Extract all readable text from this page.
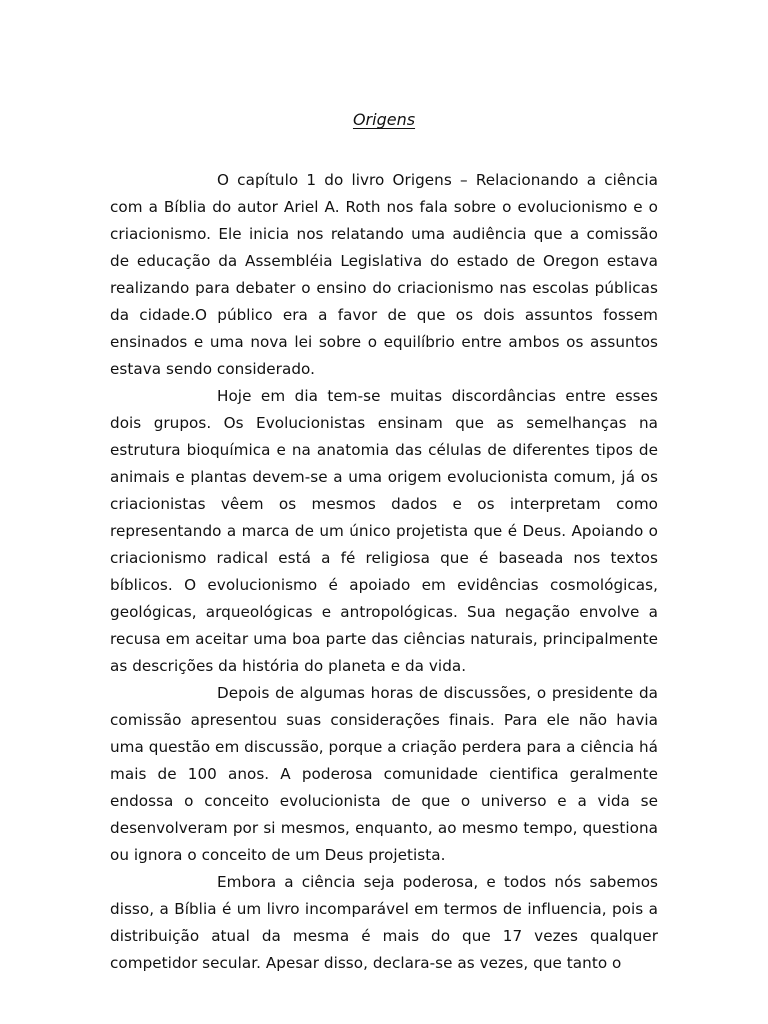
Origens

O capítulo 1 do livro Origens – Relacionando a ciência com a Bíblia do autor Ariel A. Roth nos fala sobre o evolucionismo e o criacionismo. Ele inicia nos relatando uma audiência que a comissão de educação da Assembléia Legislativa do estado de Oregon estava realizando para debater o ensino do criacionismo nas escolas públicas da cidade.O público era a favor de que os dois assuntos fossem ensinados e uma nova lei sobre o equilíbrio entre ambos os assuntos estava sendo considerado.

Hoje em dia tem-se muitas discordâncias entre esses dois grupos. Os Evolucionistas ensinam que as semelhanças na estrutura bioquímica e na anatomia das células de diferentes tipos de animais e plantas devem-se a uma origem evolucionista comum, já os criacionistas vêem os mesmos dados e os interpretam como representando a marca de um único projetista que é Deus. Apoiando o criacionismo radical está a fé religiosa que é baseada nos textos bíblicos. O evolucionismo é apoiado em evidências cosmológicas, geológicas, arqueológicas e antropológicas. Sua negação envolve a recusa em aceitar uma boa parte das ciências naturais, principalmente as descrições da história do planeta e da vida.

Depois de algumas horas de discussões, o presidente da comissão apresentou suas considerações finais. Para ele não havia uma questão em discussão, porque a criação perdera para a ciência há mais de 100 anos. A poderosa comunidade cientifica geralmente endossa o conceito evolucionista de que o universo e a vida se desenvolveram por si mesmos, enquanto, ao mesmo tempo, questiona ou ignora o conceito de um Deus projetista.

Embora a ciência seja poderosa, e todos nós sabemos disso, a Bíblia é um livro incomparável em termos de influencia, pois a distribuição atual da mesma é mais do que 17 vezes qualquer competidor secular. Apesar disso, declara-se as vezes, que tanto o
